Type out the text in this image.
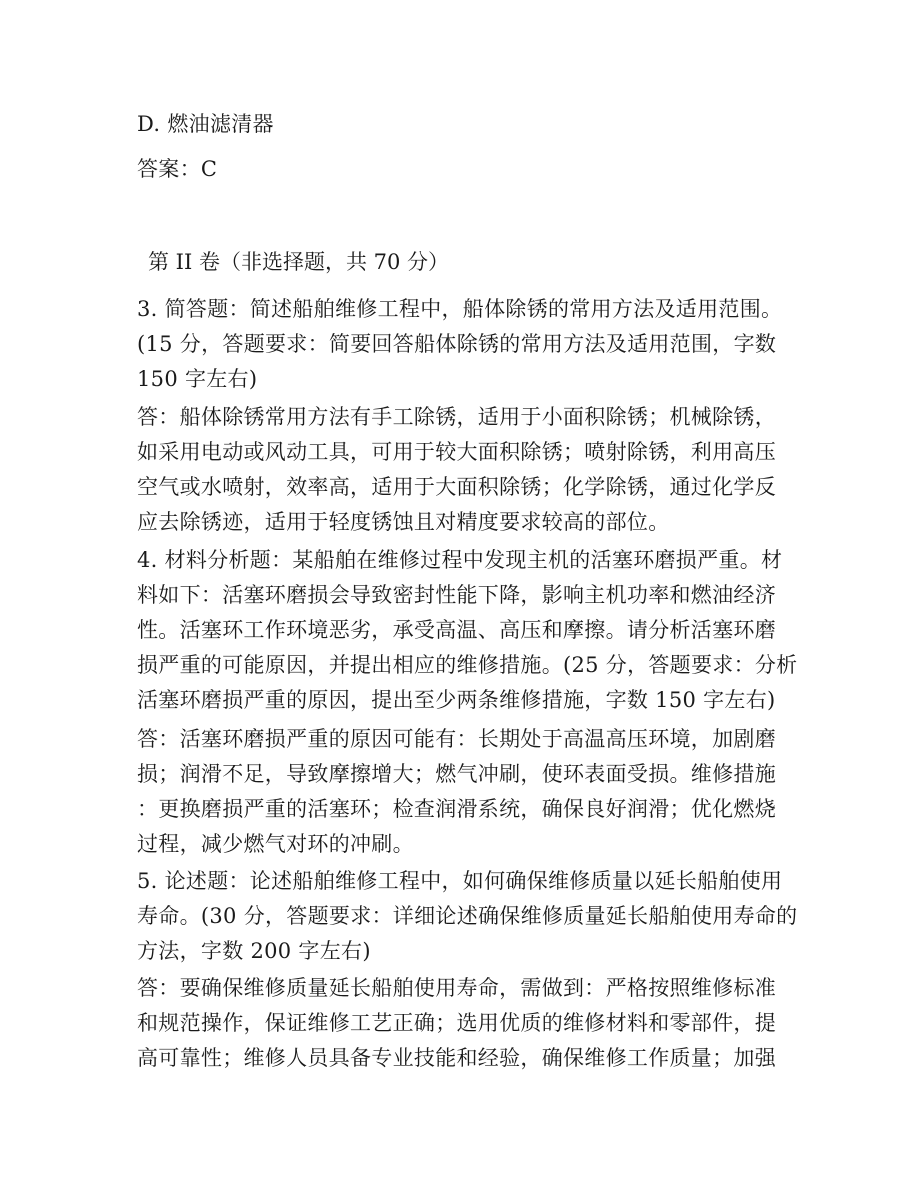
D. 燃油滤清器
答案：C
第 II 卷（非选择题，共 70 分）
3. 简答题：简述船舶维修工程中，船体除锈的常用方法及适用范围。
(15 分，答题要求：简要回答船体除锈的常用方法及适用范围，字数
150 字左右)
答：船体除锈常用方法有手工除锈，适用于小面积除锈；机械除锈，
如采用电动或风动工具，可用于较大面积除锈；喷射除锈，利用高压
空气或水喷射，效率高，适用于大面积除锈；化学除锈，通过化学反
应去除锈迹，适用于轻度锈蚀且对精度要求较高的部位。
4. 材料分析题：某船舶在维修过程中发现主机的活塞环磨损严重。材
料如下：活塞环磨损会导致密封性能下降，影响主机功率和燃油经济
性。活塞环工作环境恶劣，承受高温、高压和摩擦。请分析活塞环磨
损严重的可能原因，并提出相应的维修措施。(25 分，答题要求：分析
活塞环磨损严重的原因，提出至少两条维修措施，字数 150 字左右)
答：活塞环磨损严重的原因可能有：长期处于高温高压环境，加剧磨
损；润滑不足，导致摩擦增大；燃气冲刷，使环表面受损。维修措施
：更换磨损严重的活塞环；检查润滑系统，确保良好润滑；优化燃烧
过程，减少燃气对环的冲刷。
5. 论述题：论述船舶维修工程中，如何确保维修质量以延长船舶使用
寿命。(30 分，答题要求：详细论述确保维修质量延长船舶使用寿命的
方法，字数 200 字左右)
答：要确保维修质量延长船舶使用寿命，需做到：严格按照维修标准
和规范操作，保证维修工艺正确；选用优质的维修材料和零部件，提
高可靠性；维修人员具备专业技能和经验，确保维修工作质量；加强
